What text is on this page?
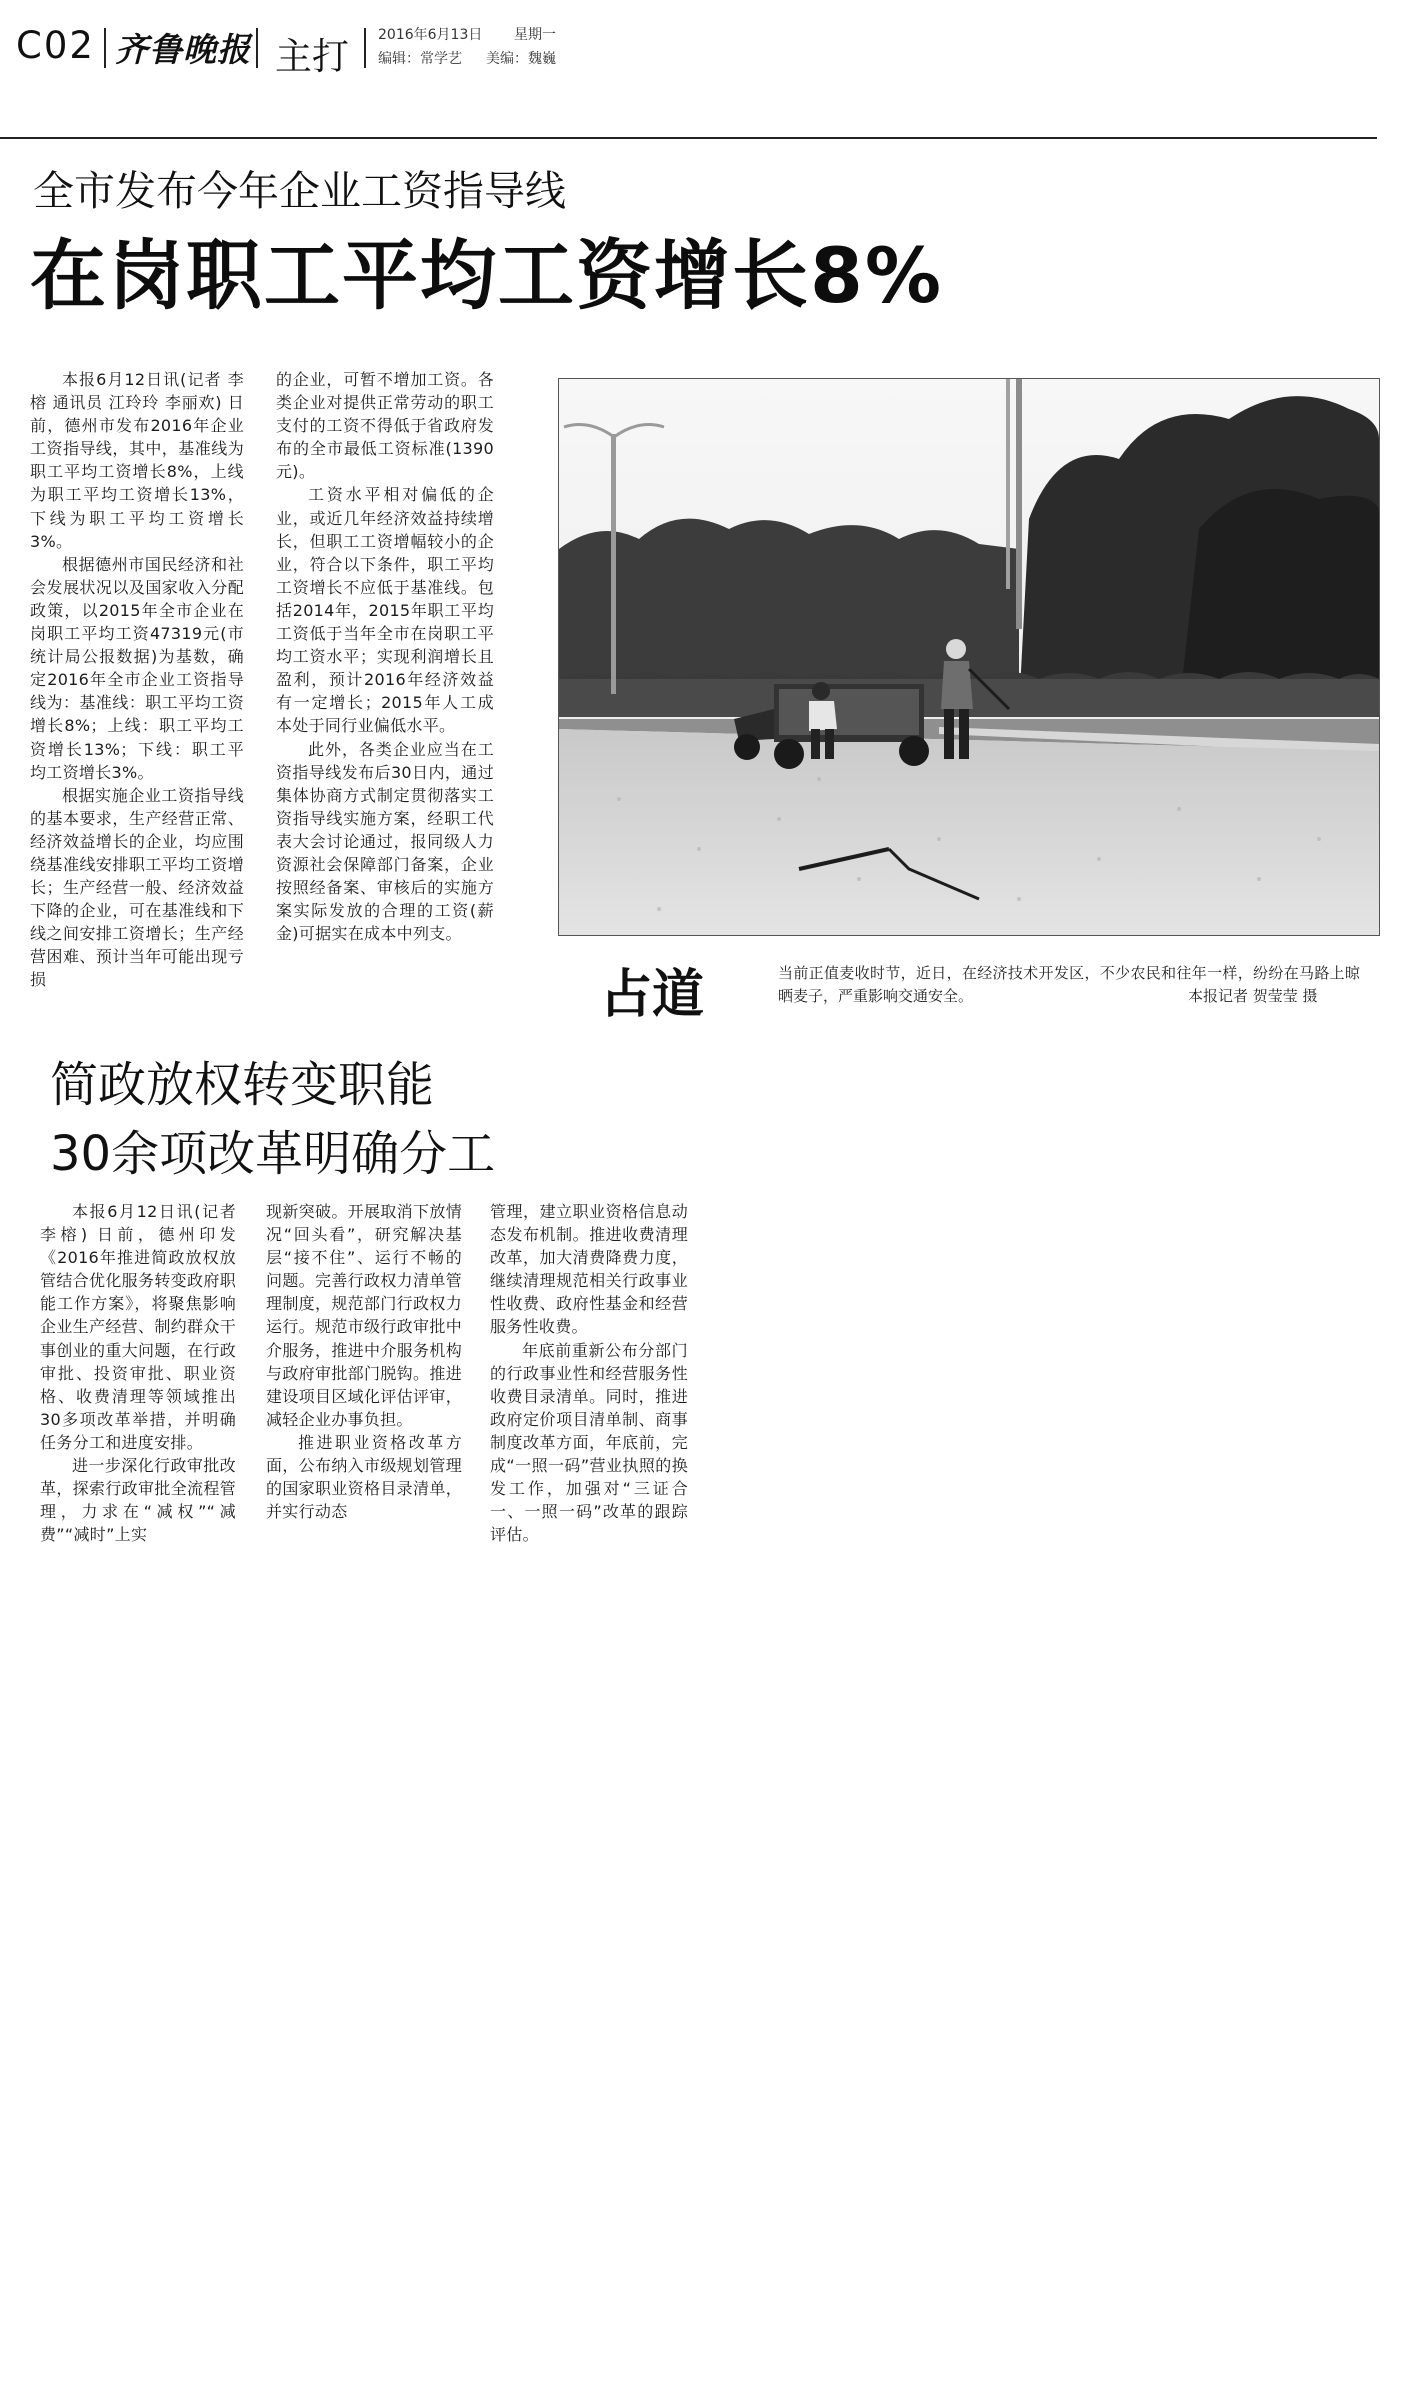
C02 齐鲁晚报 主打 2016年6月13日 星期一
编辑：常学艺 美编：魏巍
全市发布今年企业工资指导线
在岗职工平均工资增长8%

本报6月12日讯(记者 李榕 通讯员 江玲玲 李丽欢) 日前，德州市发布2016年企业工资指导线，其中，基准线为职工平均工资增长8%，上线为职工平均工资增长13%，下线为职工平均工资增长3%。

根据德州市国民经济和社会发展状况以及国家收入分配政策，以2015年全市企业在岗职工平均工资47319元(市统计局公报数据)为基数，确定2016年全市企业工资指导线为：基准线：职工平均工资增长8%；上线：职工平均工资增长13%；下线：职工平均工资增长3%。

根据实施企业工资指导线的基本要求，生产经营正常、经济效益增长的企业，均应围绕基准线安排职工平均工资增长；生产经营一般、经济效益下降的企业，可在基准线和下线之间安排工资增长；生产经营困难、预计当年可能出现亏损

的企业，可暂不增加工资。各类企业对提供正常劳动的职工支付的工资不得低于省政府发布的全市最低工资标准(1390元)。

工资水平相对偏低的企业，或近几年经济效益持续增长，但职工工资增幅较小的企业，符合以下条件，职工平均工资增长不应低于基准线。包括2014年，2015年职工平均工资低于当年全市在岗职工平均工资水平；实现利润增长且盈利，预计2016年经济效益有一定增长；2015年人工成本处于同行业偏低水平。

此外，各类企业应当在工资指导线发布后30日内，通过集体协商方式制定贯彻落实工资指导线实施方案，经职工代表大会讨论通过，报同级人力资源社会保障部门备案，企业按照经备案、审核后的实施方案实际发放的合理的工资(薪金)可据实在成本中列支。

占道	当前正值麦收时节，近日，在经济技术开发区，不少农民和往年一样，纷纷在马路上晾晒麦子，严重影响交通安全。	本报记者 贺莹莹 摄
简政放权转变职能
30余项改革明确分工

本报6月12日讯(记者 李榕) 日前，德州印发《2016年推进简政放权放管结合优化服务转变政府职能工作方案》，将聚焦影响企业生产经营、制约群众干事创业的重大问题，在行政审批、投资审批、职业资格、收费清理等领域推出30多项改革举措，并明确任务分工和进度安排。

进一步深化行政审批改革，探索行政审批全流程管理，力求在“减权”“减费”“减时”上实

现新突破。开展取消下放情况“回头看”，研究解决基层“接不住”、运行不畅的问题。完善行政权力清单管理制度，规范部门行政权力运行。规范市级行政审批中介服务，推进中介服务机构与政府审批部门脱钩。推进建设项目区域化评估评审，减轻企业办事负担。

推进职业资格改革方面，公布纳入市级规划管理的国家职业资格目录清单，并实行动态

管理，建立职业资格信息动态发布机制。推进收费清理改革，加大清费降费力度，继续清理规范相关行政事业性收费、政府性基金和经营服务性收费。

年底前重新公布分部门的行政事业性和经营服务性收费目录清单。同时，推进政府定价项目清单制、商事制度改革方面，年底前，完成“一照一码”营业执照的换发工作，加强对“三证合一、一照一码”改革的跟踪评估。
